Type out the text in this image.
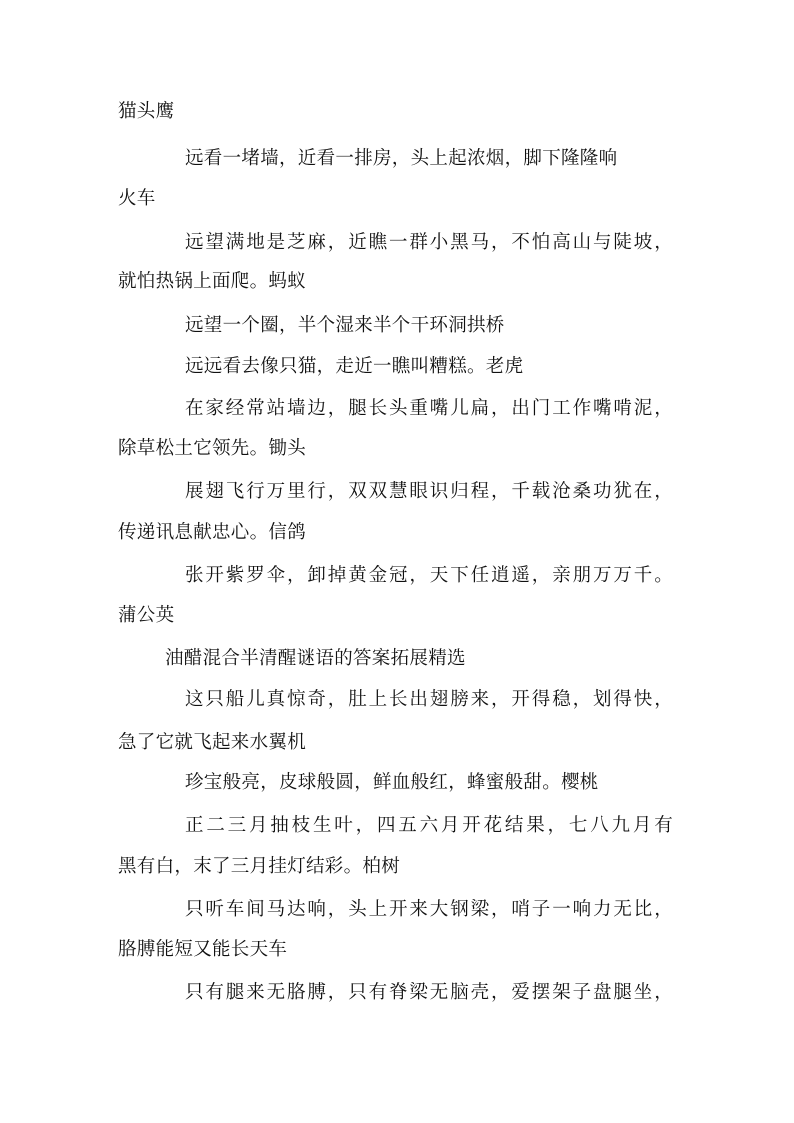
猫头鹰
远看一堵墙，近看一排房，头上起浓烟，脚下隆隆响
火车
远望满地是芝麻，近瞧一群小黑马，不怕高山与陡坡，
就怕热锅上面爬。蚂蚁
远望一个圈，半个湿来半个干环洞拱桥
远远看去像只猫，走近一瞧叫糟糕。老虎
在家经常站墙边，腿长头重嘴儿扁，出门工作嘴啃泥，
除草松土它领先。锄头
展翅飞行万里行，双双慧眼识归程，千载沧桑功犹在，
传递讯息献忠心。信鸽
张开紫罗伞，卸掉黄金冠，天下任逍遥，亲朋万万千。
蒲公英
油醋混合半清醒谜语的答案拓展精选
这只船儿真惊奇，肚上长出翅膀来，开得稳，划得快，
急了它就飞起来水翼机
珍宝般亮，皮球般圆，鲜血般红，蜂蜜般甜。樱桃
正二三月抽枝生叶，四五六月开花结果，七八九月有
黑有白，末了三月挂灯结彩。柏树
只听车间马达响，头上开来大钢梁，哨子一响力无比，
胳膊能短又能长天车
只有腿来无胳膊，只有脊梁无脑壳，爱摆架子盘腿坐，
